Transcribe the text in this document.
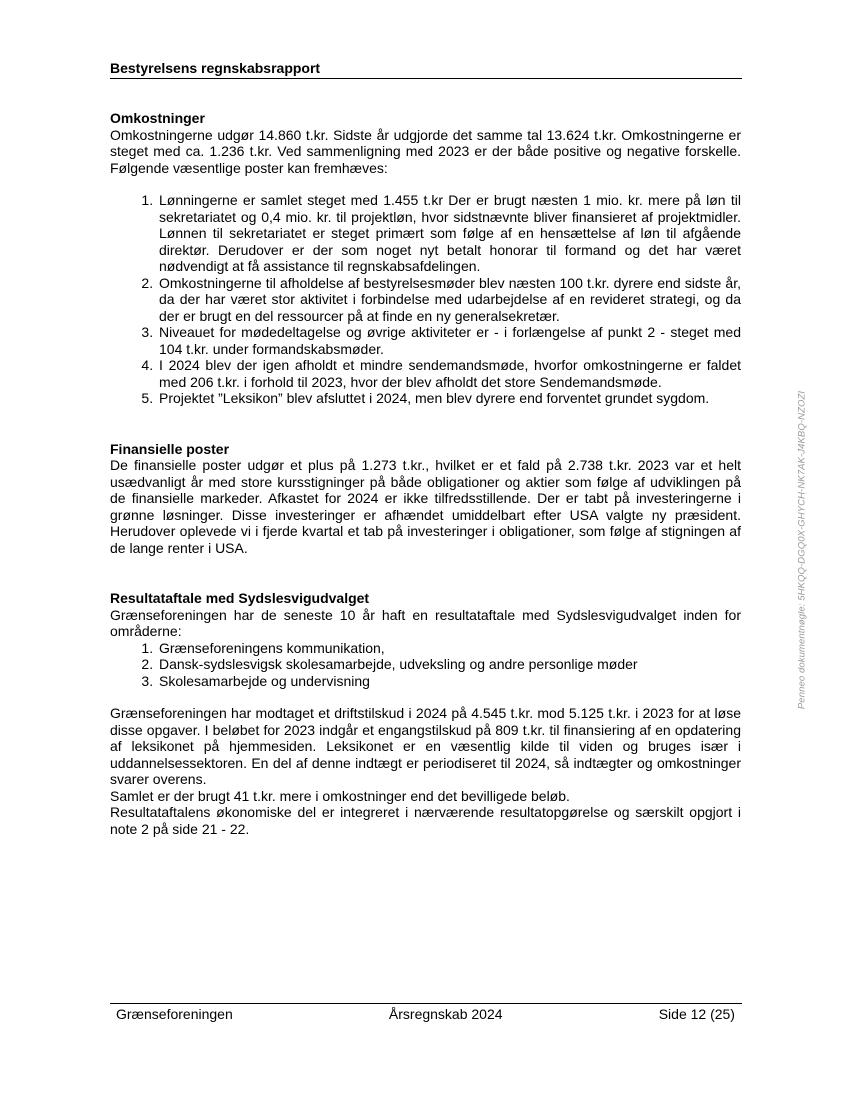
Bestyrelsens regnskabsrapport
Omkostninger
Omkostningerne udgør 14.860 t.kr. Sidste år udgjorde det samme tal 13.624 t.kr. Omkostningerne er steget med ca. 1.236 t.kr. Ved sammenligning med 2023 er der både positive og negative forskelle. Følgende væsentlige poster kan fremhæves:
1. Lønningerne er samlet steget med 1.455 t.kr Der er brugt næsten 1 mio. kr. mere på løn til sekretariatet og 0,4 mio. kr. til projektløn, hvor sidstnævnte bliver finansieret af projektmidler. Lønnen til sekretariatet er steget primært som følge af en hensættelse af løn til afgående direktør. Derudover er der som noget nyt betalt honorar til formand og det har været nødvendigt at få assistance til regnskabsafdelingen.
2. Omkostningerne til afholdelse af bestyrelsesmøder blev næsten 100 t.kr. dyrere end sidste år, da der har været stor aktivitet i forbindelse med udarbejdelse af en revideret strategi, og da der er brugt en del ressourcer på at finde en ny generalsekretær.
3. Niveauet for mødedeltagelse og øvrige aktiviteter er - i forlængelse af punkt 2 - steget med 104 t.kr. under formandskabsmøder.
4. I 2024 blev der igen afholdt et mindre sendemandsmøde, hvorfor omkostningerne er faldet med 206 t.kr. i forhold til 2023, hvor der blev afholdt det store Sendemandsmøde.
5. Projektet ”Leksikon” blev afsluttet i 2024, men blev dyrere end forventet grundet sygdom.
Finansielle poster
De finansielle poster udgør et plus på 1.273 t.kr., hvilket er et fald på 2.738 t.kr. 2023 var et helt usædvanligt år med store kursstigninger på både obligationer og aktier som følge af udviklingen på de finansielle markeder. Afkastet for 2024 er ikke tilfredsstillende. Der er tabt på investeringerne i grønne løsninger. Disse investeringer er afhændet umiddelbart efter USA valgte ny præsident. Herudover oplevede vi i fjerde kvartal et tab på investeringer i obligationer, som følge af stigningen af de lange renter i USA.
Resultataftale med Sydslesvigudvalget
Grænseforeningen har de seneste 10 år haft en resultataftale med Sydslesvigudvalget inden for områderne:
1. Grænseforeningens kommunikation,
2. Dansk-sydslesvigsk skolesamarbejde, udveksling og andre personlige møder
3. Skolesamarbejde og undervisning
Grænseforeningen har modtaget et driftstilskud i 2024 på 4.545 t.kr. mod 5.125 t.kr. i 2023 for at løse disse opgaver. I beløbet for 2023 indgår et engangstilskud på 809 t.kr. til finansiering af en opdatering af leksikonet på hjemmesiden. Leksikonet er en væsentlig kilde til viden og bruges især i uddannelsessektoren. En del af denne indtægt er periodiseret til 2024, så indtægter og omkostninger svarer overens.
Samlet er der brugt 41 t.kr. mere i omkostninger end det bevilligede beløb.
Resultataftalens økonomiske del er integreret i nærværende resultatopgørelse og særskilt opgjort i note 2 på side 21 - 22.
Penneo dokumentnøgle: 5HKQQ-DGQ0X-GHYCH-NK7AK-J4KBQ-NZOZI
Grænseforeningen	Årsregnskab 2024	Side 12 (25)
